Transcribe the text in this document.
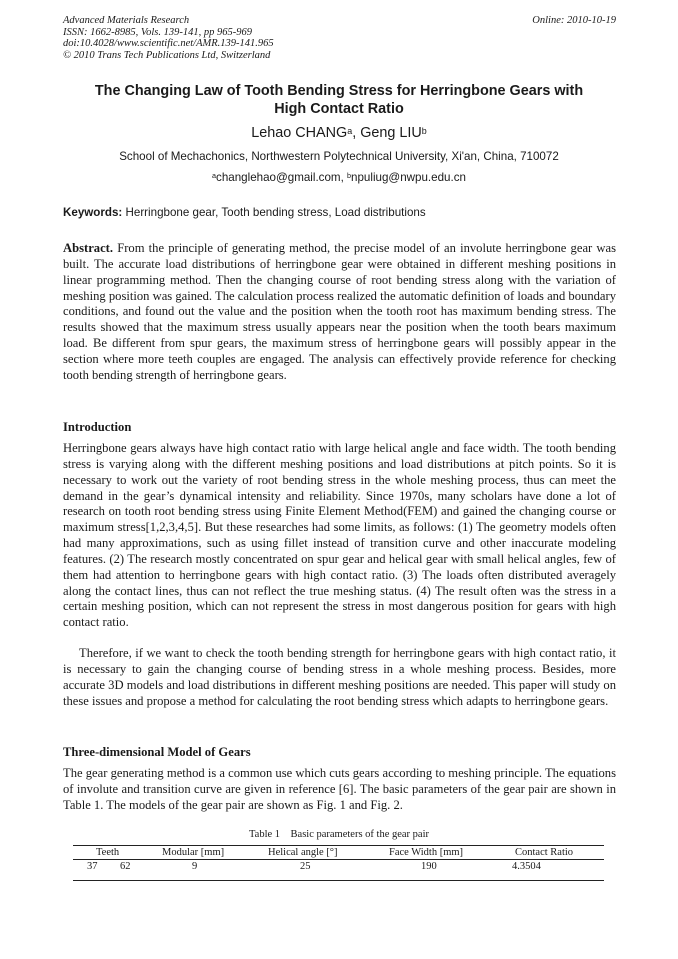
Advanced Materials Research
ISSN: 1662-8985, Vols. 139-141, pp 965-969
doi:10.4028/www.scientific.net/AMR.139-141.965
© 2010 Trans Tech Publications Ltd, Switzerland
Online: 2010-10-19
The Changing Law of Tooth Bending Stress for Herringbone Gears with
High Contact Ratio
Lehao CHANG$^a$, Geng LIU$^b$
School of Mechachonics, Northwestern Polytechnical University, Xi'an, China, 710072
$^a$changlehao@gmail.com, $^b$npuliug@nwpu.edu.cn
Keywords: Herringbone gear, Tooth bending stress, Load distributions
Abstract. From the principle of generating method, the precise model of an involute herringbone gear was built. The accurate load distributions of herringbone gear were obtained in different meshing positions in linear programming method. Then the changing course of root bending stress along with the variation of meshing position was gained. The calculation process realized the automatic definition of loads and boundary conditions, and found out the value and the position when the tooth root has maximum bending stress. The results showed that the maximum stress usually appears near the position when the tooth bears maximum load. Be different from spur gears, the maximum stress of herringbone gears will possibly appear in the section where more teeth couples are engaged. The analysis can effectively provide reference for checking tooth bending strength of herringbone gears.
Introduction
Herringbone gears always have high contact ratio with large helical angle and face width. The tooth bending stress is varying along with the different meshing positions and load distributions at pitch points. So it is necessary to work out the variety of root bending stress in the whole meshing process, thus can meet the demand in the gear’s dynamical intensity and reliability. Since 1970s, many scholars have done a lot of research on tooth root bending stress using Finite Element Method(FEM) and gained the changing course or maximum stress[1,2,3,4,5]. But these researches had some limits, as follows: (1) The geometry models often had many approximations, such as using fillet instead of transition curve and other inaccurate modeling features. (2) The research mostly concentrated on spur gear and helical gear with small helical angles, few of them had attention to herringbone gears with high contact ratio. (3) The loads often distributed averagely along the contact lines, thus can not reflect the true meshing status. (4) The result often was the stress in a certain meshing position, which can not represent the stress in most dangerous position for gears with high contact ratio.
Therefore, if we want to check the tooth bending strength for herringbone gears with high contact ratio, it is necessary to gain the changing course of bending stress in a whole meshing process. Besides, more accurate 3D models and load distributions in different meshing positions are needed. This paper will study on these issues and propose a method for calculating the root bending stress which adapts to herringbone gears.
Three-dimensional Model of Gears
The gear generating method is a common use which cuts gears according to meshing principle. The equations of involute and transition curve are given in reference [6]. The basic parameters of the gear pair are shown in Table 1. The models of the gear pair are shown as Fig. 1 and Fig. 2.
Table 1    Basic parameters of the gear pair
Teeth	Modular [mm]	Helical angle [°]	Face Width [mm]	Contact Ratio
37 62	9	25	190	4.3504
